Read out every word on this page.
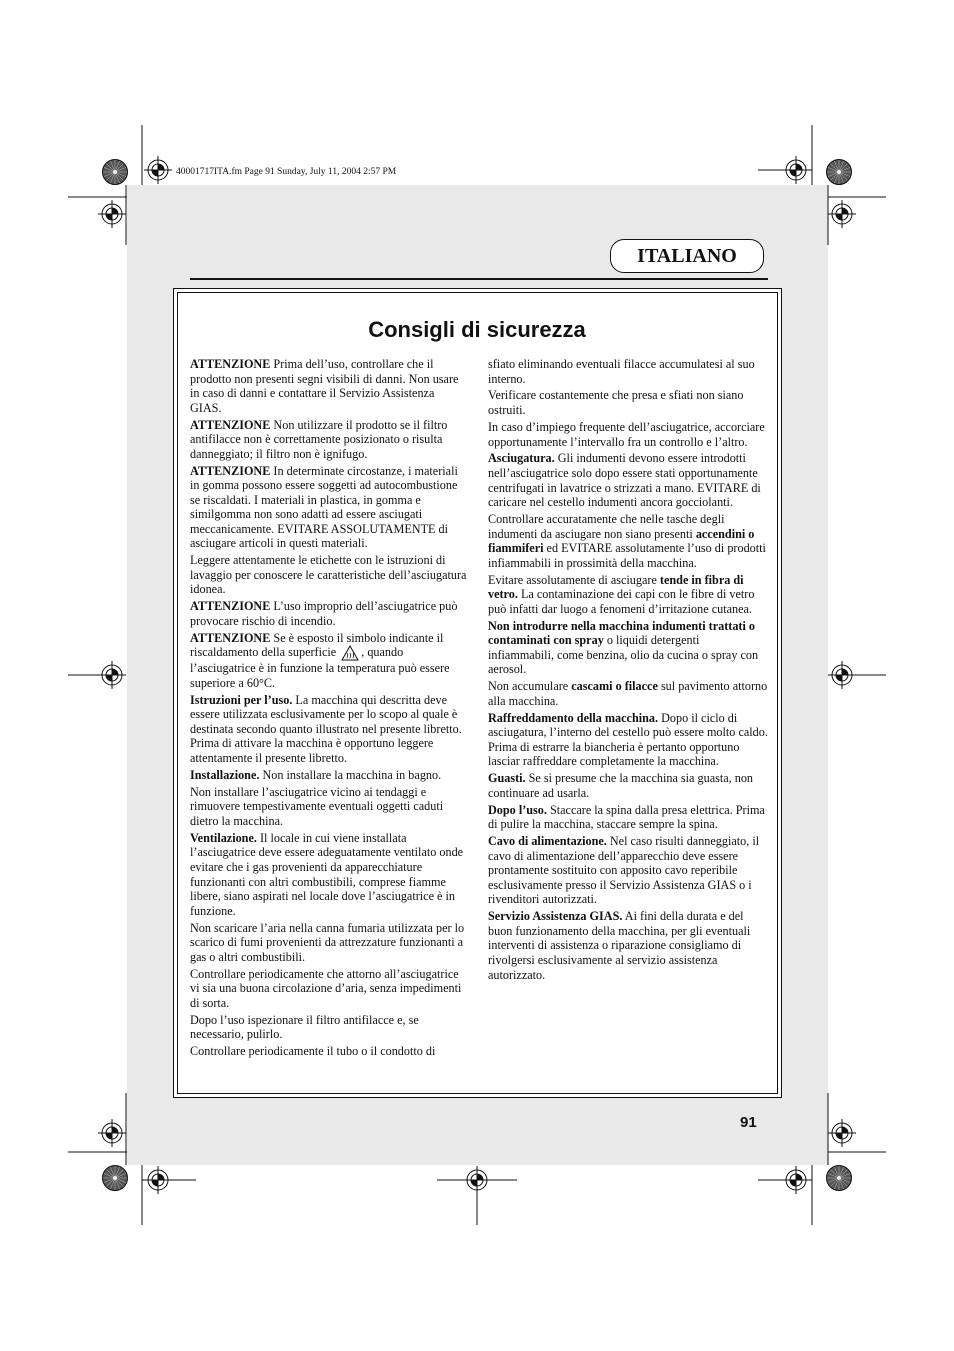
40001717ITA.fm Page 91 Sunday, July 11, 2004 2:57 PM
ITALIANO
Consigli di sicurezza

ATTENZIONE Prima dell’uso, controllare che il prodotto non presenti segni visibili di danni. Non usare in caso di danni e contattare il Servizio Assistenza GIAS.

ATTENZIONE Non utilizzare il prodotto se il filtro antifilacce non è correttamente posizionato o risulta danneggiato; il filtro non è ignifugo.

ATTENZIONE In determinate circostanze, i materiali in gomma possono essere soggetti ad autocombustione se riscaldati. I materiali in plastica, in gomma e similgomma non sono adatti ad essere asciugati meccanicamente. EVITARE ASSOLUTAMENTE di asciugare articoli in questi materiali.

Leggere attentamente le etichette con le istruzioni di lavaggio per conoscere le caratteristiche dell’asciugatura idonea.

ATTENZIONE L’uso improprio dell’asciugatrice può provocare rischio di incendio.

ATTENZIONE Se è esposto il simbolo indicante il riscaldamento della superficie , quando l’asciugatrice è in funzione la temperatura può essere superiore a 60°C.

Istruzioni per l’uso. La macchina qui descritta deve essere utilizzata esclusivamente per lo scopo al quale è destinata secondo quanto illustrato nel presente libretto. Prima di attivare la macchina è opportuno leggere attentamente il presente libretto.

Installazione. Non installare la macchina in bagno.

Non installare l’asciugatrice vicino ai tendaggi e rimuovere tempestivamente eventuali oggetti caduti dietro la macchina.

Ventilazione. Il locale in cui viene installata l’asciugatrice deve essere adeguatamente ventilato onde evitare che i gas provenienti da apparecchiature funzionanti con altri combustibili, comprese fiamme libere, siano aspirati nel locale dove l’asciugatrice è in funzione.

Non scaricare l’aria nella canna fumaria utilizzata per lo scarico di fumi provenienti da attrezzature funzionanti a gas o altri combustibili.

Controllare periodicamente che attorno all’asciugatrice vi sia una buona circolazione d’aria, senza impedimenti di sorta.

Dopo l’uso ispezionare il filtro antifilacce e, se necessario, pulirlo.

Controllare periodicamente il tubo o il condotto di

sfiato eliminando eventuali filacce accumulatesi al suo interno.

Verificare costantemente che presa e sfiati non siano ostruiti.

In caso d’impiego frequente dell’asciugatrice, accorciare opportunamente l’intervallo fra un controllo e l’altro.

Asciugatura. Gli indumenti devono essere introdotti nell’asciugatrice solo dopo essere stati opportunamente centrifugati in lavatrice o strizzati a mano. EVITARE di caricare nel cestello indumenti ancora gocciolanti.

Controllare accuratamente che nelle tasche degli indumenti da asciugare non siano presenti accendini o fiammiferi ed EVITARE assolutamente l’uso di prodotti infiammabili in prossimità della macchina.

Evitare assolutamente di asciugare tende in fibra di vetro. La contaminazione dei capi con le fibre di vetro può infatti dar luogo a fenomeni d’irritazione cutanea.

Non introdurre nella macchina indumenti trattati o contaminati con spray o liquidi detergenti infiammabili, come benzina, olio da cucina o spray con aerosol.

Non accumulare cascami o filacce sul pavimento attorno alla macchina.

Raffreddamento della macchina. Dopo il ciclo di asciugatura, l’interno del cestello può essere molto caldo. Prima di estrarre la biancheria è pertanto opportuno lasciar raffreddare completamente la macchina.

Guasti. Se si presume che la macchina sia guasta, non continuare ad usarla.

Dopo l’uso. Staccare la spina dalla presa elettrica. Prima di pulire la macchina, staccare sempre la spina.

Cavo di alimentazione. Nel caso risulti danneggiato, il cavo di alimentazione dell’apparecchio deve essere prontamente sostituito con apposito cavo reperibile esclusivamente presso il Servizio Assistenza GIAS o i rivenditori autorizzati.

Servizio Assistenza GIAS. Ai fini della durata e del buon funzionamento della macchina, per gli eventuali interventi di assistenza o riparazione consigliamo di rivolgersi esclusivamente al servizio assistenza autorizzato.

91
